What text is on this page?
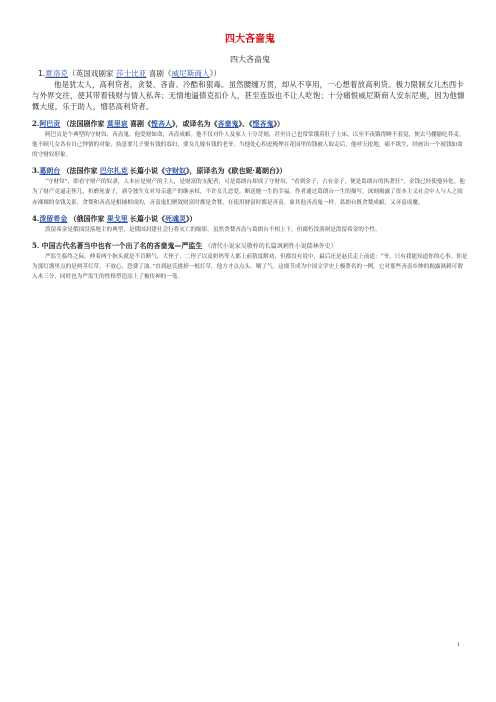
四大吝啬鬼
四大吝啬鬼
1.夏洛克（英国戏剧家 莎士比亚 喜剧《威尼斯商人》）
他是犹太人，高利贷者，贪婪、吝啬、冷酷和狠毒。虽然腰缠万贯，却从不享用，一心想着放高利贷。极力限制女儿杰西卡与外界交往，使其带着钱财与情人私奔；无情地逼债克扣仆人，甚至连饭也不让人吃饱；十分痛恨威尼斯商人安东尼奥，因为他慷慨大度，乐于助人，憎恶高利贷者。
2.阿巴贡 （法国剧作家 莫里哀 喜剧《悭吝人》，或译名为《吝啬鬼》、《悭吝鬼》）
阿巴贡是个典型的守财奴、吝啬鬼。他爱财如命，吝啬成癖。他不仅对仆人及家人十分苛刻，甚至自己也常常饿着肚子上床，以至半夜饿得睡不着觉，便去马棚偷吃荞麦。他不顾儿女各有自己钟情的对象，执意要儿子娶有钱的寡妇，要女儿嫁有钱的老爷。当他处心积虑掩埋在花园里的钱被人取走后，他呼天抢地，痛不欲生，经画出一个视钱如命的守财奴形象。
3.葛朗台 （法国作家 巴尔扎克 长篇小说《守财奴》，原译名为《欧也妮·葛朗台》）
“守财奴”，即看守财产的奴隶，人本应是财产的主人，是财富的支配者，可是葛朗台却成了守财奴，“看到金子，占有金子，便是葛朗台的执著狂”，金钱已经使他异化。他为了财产竟逼走侄儿，折磨死妻子，剥夺独生女对母亲遗产的继承权，不许女儿恋爱，断送她一生的幸福。作者通过葛朗台一生的描写，深刻揭露了资本主义社会中人与人之间赤裸裸的金钱关系。贪婪和吝啬是相辅相成的，吝啬鬼们聚敛财富时都是贪婪，在使用财富时都是吝啬。象其他吝啬鬼一样，葛朗台既贪婪成癖，又吝啬成魔。
4.泼留希金 （俄国作家 果戈里 长篇小说《死魂灵》）
泼留希金是俄国没落地主的典型，是俄国封建社会行将灭亡的缩影。虽然贪婪吝啬与葛朗台不相上下，但腐朽没落则是泼留希金的个性。
5. 中国古代名著当中也有一个出了名的吝啬鬼—严监生 （清代小说家吴敬梓的长篇讽刺性小说儒林外史）
严监生临终之际，伸着两个指头就是不肯断气，大侄子、二侄子以及奶妈等人都上前猜度解劝，但都没有说中，最后还是赵氏走上前道：“爷，只有我能知道你的心事。你是为那灯盏里点的是两茎灯草，不放心，恐费了油。”直到赵氏挑掉一根灯草，他方才点点头，咽了气。这细节成为中国文学史上极著名的一例，它对那些吝啬乡绅的揭露讽刺可谓入木三分，同时也为严监生的性格塑造添上了极传神的一笔。
1
